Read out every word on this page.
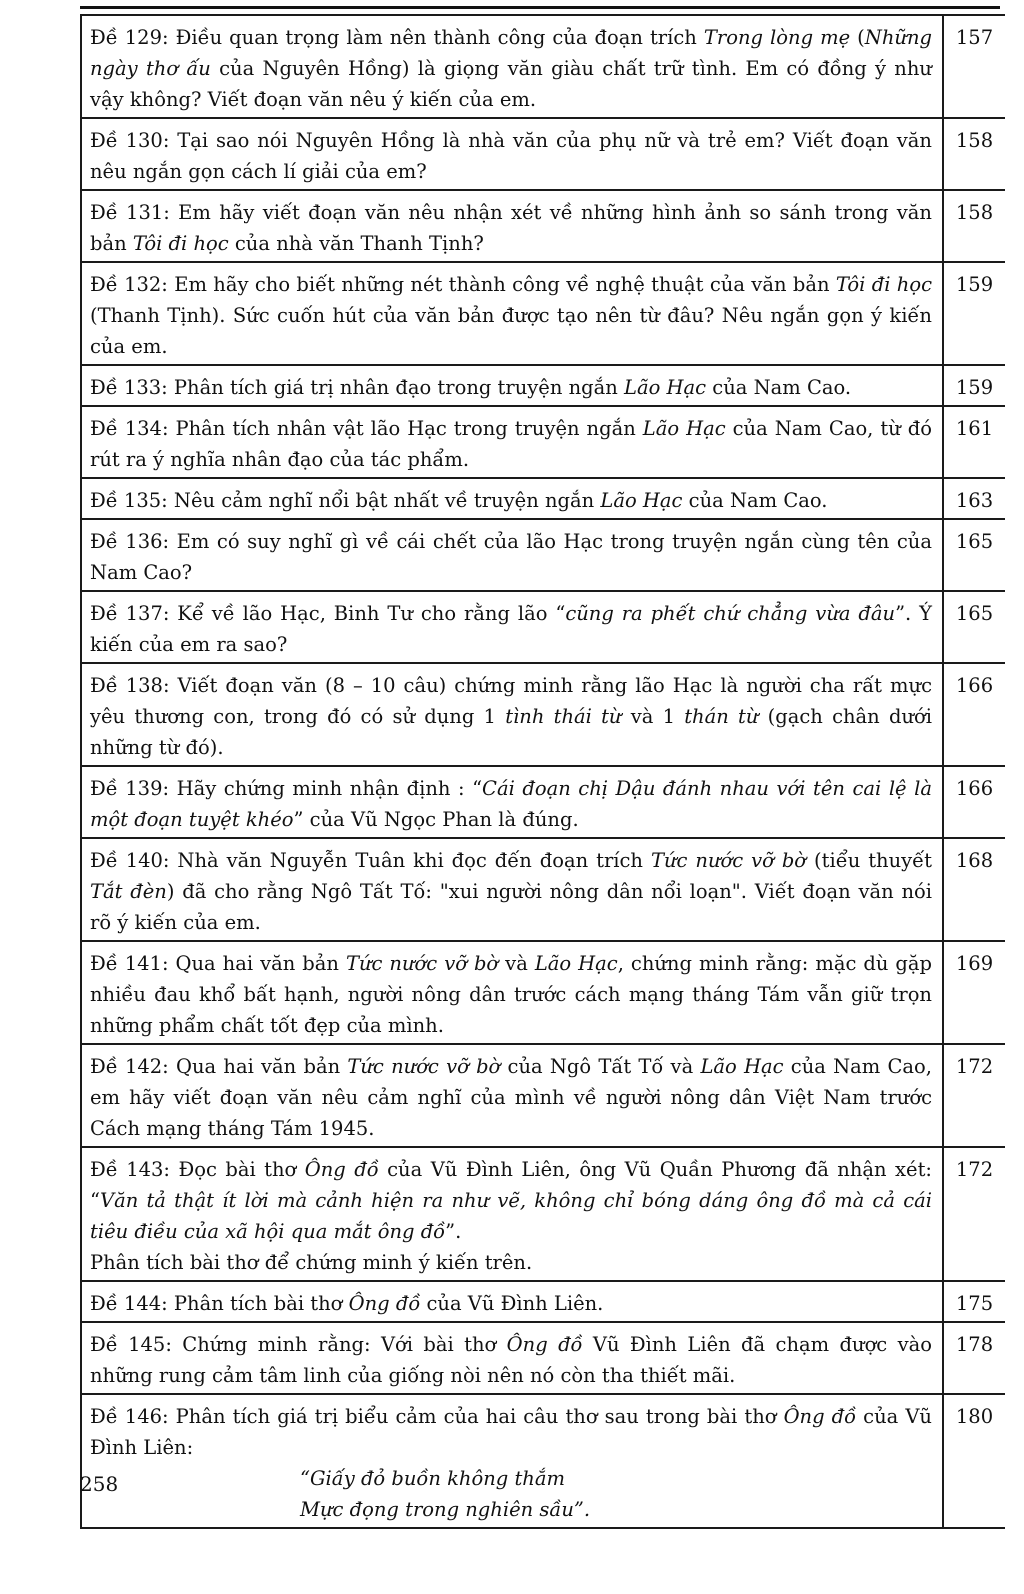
Đề 129: Điều quan trọng làm nên thành công của đoạn trích Trong lòng mẹ (Những ngày thơ ấu của Nguyên Hồng) là giọng văn giàu chất trữ tình. Em có đồng ý như vậy không? Viết đoạn văn nêu ý kiến của em.	157

Đề 130: Tại sao nói Nguyên Hồng là nhà văn của phụ nữ và trẻ em? Viết đoạn văn nêu ngắn gọn cách lí giải của em?	158

Đề 131: Em hãy viết đoạn văn nêu nhận xét về những hình ảnh so sánh trong văn bản Tôi đi học của nhà văn Thanh Tịnh?	158

Đề 132: Em hãy cho biết những nét thành công về nghệ thuật của văn bản Tôi đi học (Thanh Tịnh). Sức cuốn hút của văn bản được tạo nên từ đâu? Nêu ngắn gọn ý kiến của em.	159

Đề 133: Phân tích giá trị nhân đạo trong truyện ngắn Lão Hạc của Nam Cao.	159

Đề 134: Phân tích nhân vật lão Hạc trong truyện ngắn Lão Hạc của Nam Cao, từ đó rút ra ý nghĩa nhân đạo của tác phẩm.	161

Đề 135: Nêu cảm nghĩ nổi bật nhất về truyện ngắn Lão Hạc của Nam Cao.	163

Đề 136: Em có suy nghĩ gì về cái chết của lão Hạc trong truyện ngắn cùng tên của Nam Cao?	165

Đề 137: Kể về lão Hạc, Binh Tư cho rằng lão “cũng ra phết chứ chẳng vừa đâu”. Ý kiến của em ra sao?	165

Đề 138: Viết đoạn văn (8 – 10 câu) chứng minh rằng lão Hạc là người cha rất mực yêu thương con, trong đó có sử dụng 1 tình thái từ và 1 thán từ (gạch chân dưới những từ đó).	166

Đề 139: Hãy chứng minh nhận định : “Cái đoạn chị Dậu đánh nhau với tên cai lệ là một đoạn tuyệt khéo” của Vũ Ngọc Phan là đúng.	166

Đề 140: Nhà văn Nguyễn Tuân khi đọc đến đoạn trích Tức nước vỡ bờ (tiểu thuyết Tắt đèn) đã cho rằng Ngô Tất Tố: "xui người nông dân nổi loạn". Viết đoạn văn nói rõ ý kiến của em.	168

Đề 141: Qua hai văn bản Tức nước vỡ bờ và Lão Hạc, chứng minh rằng: mặc dù gặp nhiều đau khổ bất hạnh, người nông dân trước cách mạng tháng Tám vẫn giữ trọn những phẩm chất tốt đẹp của mình.	169

Đề 142: Qua hai văn bản Tức nước vỡ bờ của Ngô Tất Tố và Lão Hạc của Nam Cao, em hãy viết đoạn văn nêu cảm nghĩ của mình về người nông dân Việt Nam trước Cách mạng tháng Tám 1945.	172

Đề 143: Đọc bài thơ Ông đồ của Vũ Đình Liên, ông Vũ Quần Phương đã nhận xét: “Văn tả thật ít lời mà cảnh hiện ra như vẽ, không chỉ bóng dáng ông đồ mà cả cái tiêu điều của xã hội qua mắt ông đồ”.
Phân tích bài thơ để chứng minh ý kiến trên.	172

Đề 144: Phân tích bài thơ Ông đồ của Vũ Đình Liên.	175

Đề 145: Chứng minh rằng: Với bài thơ Ông đồ Vũ Đình Liên đã chạm được vào những rung cảm tâm linh của giống nòi nên nó còn tha thiết mãi.	178

Đề 146: Phân tích giá trị biểu cảm của hai câu thơ sau trong bài thơ Ông đồ của Vũ Đình Liên:
“Giấy đỏ buồn không thắm
Mực đọng trong nghiên sầu”.	180
258
